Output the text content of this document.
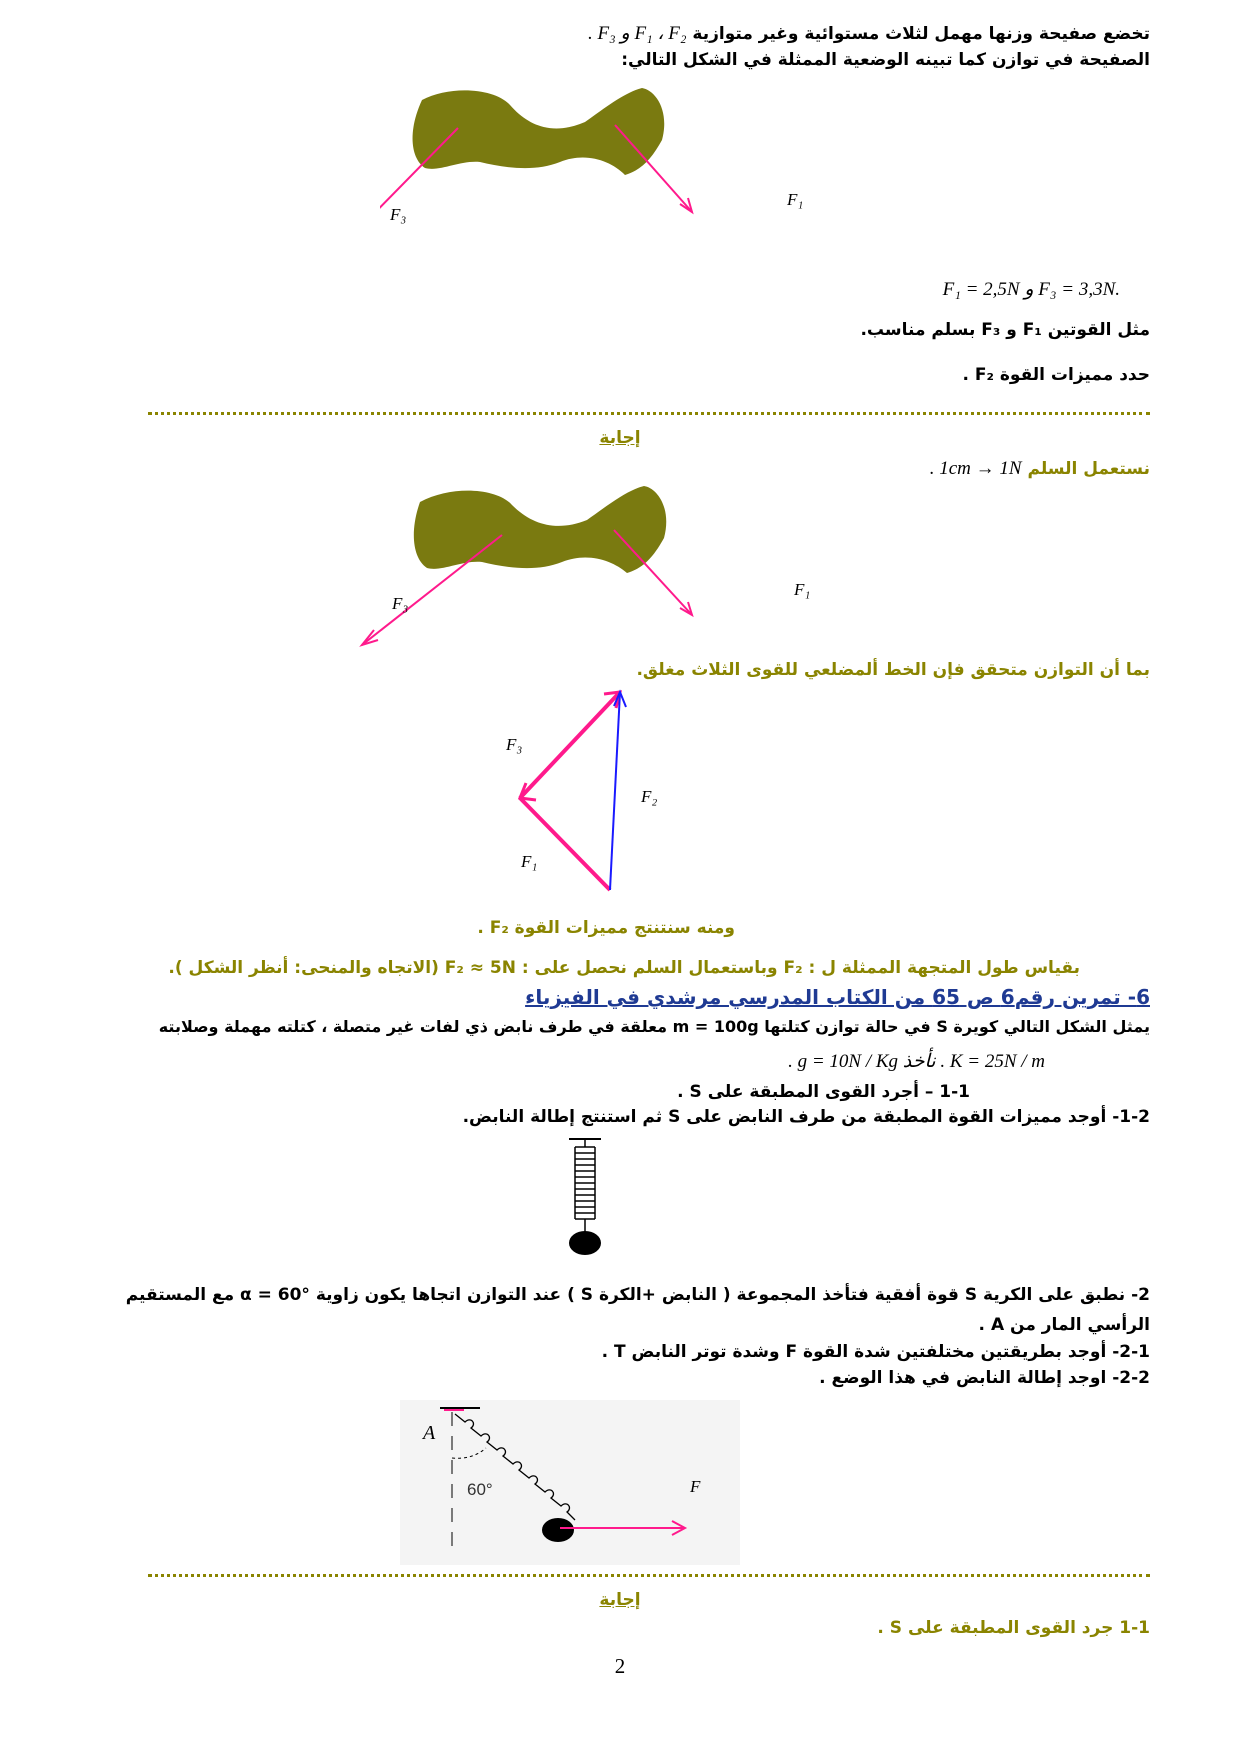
تخضع صفيحة وزنها مهمل لثلاث مستوائية وغير متوازية F₁ ، F₂ و F₃ .
الصفيحة في توازن كما تبينه الوضعية الممثلة في الشكل التالي:
F₃
F₁
.F₃ = 3,3N و F₁ = 2,5N
مثل القوتين F₁ و F₃ بسلم مناسب.
حدد مميزات القوة F₂ .
إجابة
نستعمل السلم 1cm → 1N .
F₃
F₁
بما أن التوازن متحقق فإن الخط ألمضلعي للقوى الثلاث مغلق.
F₃
F₂
F₁
ومنه سنتنتج مميزات القوة F₂ .
بقياس طول المتجهة الممثلة ل : F₂ وباستعمال السلم نحصل على : F₂ ≈ 5N (الاتجاه والمنحى: أنظر الشكل ).
6- تمرين رقم6 ص 65 من الكتاب المدرسي مرشدي في الفيزياء
يمثل الشكل التالي كويرة S في حالة توازن كتلتها m = 100g معلقة في طرف نابض ذي لفات غير متصلة ، كتلته مهملة وصلابته
K = 25N / m . نأخذ g = 10N / Kg .
1-1 – أجرد القوى المطبقة على S .
1-2- أوجد مميزات القوة المطبقة من طرف النابض على S ثم استنتج إطالة النابض.
2- نطبق على الكرية S قوة أفقية فتأخذ المجموعة ( النابض +الكرة S ) عند التوازن اتجاها يكون زاوية α = 60° مع المستقيم
الرأسي المار من A .
2-1- أوجد بطريقتين مختلفتين شدة القوة F وشدة توتر النابض T .
2-2- اوجد إطالة النابض في هذا الوضع .
A
60°	F
إجابة
1-1 جرد القوى المطبقة على S .
2
